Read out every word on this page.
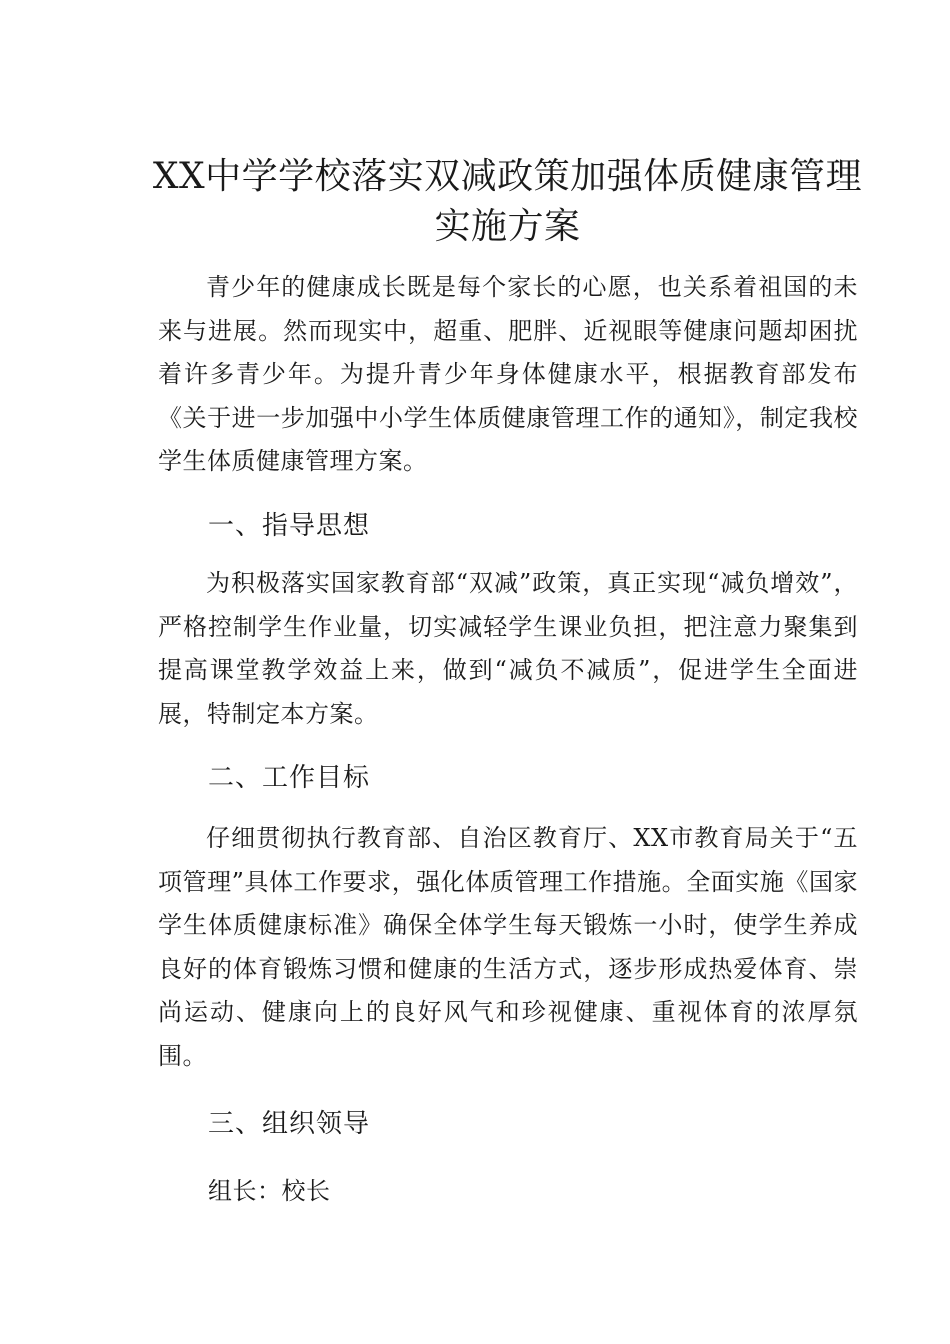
XX中学学校落实双减政策加强体质健康管理
实施方案
青少年的健康成长既是每个家长的心愿，也关系着祖国的未来与进展。然而现实中，超重、肥胖、近视眼等健康问题却困扰着许多青少年。为提升青少年身体健康水平，根据教育部发布《关于进一步加强中小学生体质健康管理工作的通知》，制定我校学生体质健康管理方案。
一、指导思想
为积极落实国家教育部“双减”政策，真正实现“减负增效”，严格控制学生作业量，切实减轻学生课业负担，把注意力聚集到提高课堂教学效益上来，做到“减负不减质”，促进学生全面进展，特制定本方案。
二、工作目标
仔细贯彻执行教育部、自治区教育厅、XX市教育局关于“五项管理”具体工作要求，强化体质管理工作措施。全面实施《国家学生体质健康标准》确保全体学生每天锻炼一小时，使学生养成良好的体育锻炼习惯和健康的生活方式，逐步形成热爱体育、崇尚运动、健康向上的良好风气和珍视健康、重视体育的浓厚氛围。
三、组织领导
组长：校长
